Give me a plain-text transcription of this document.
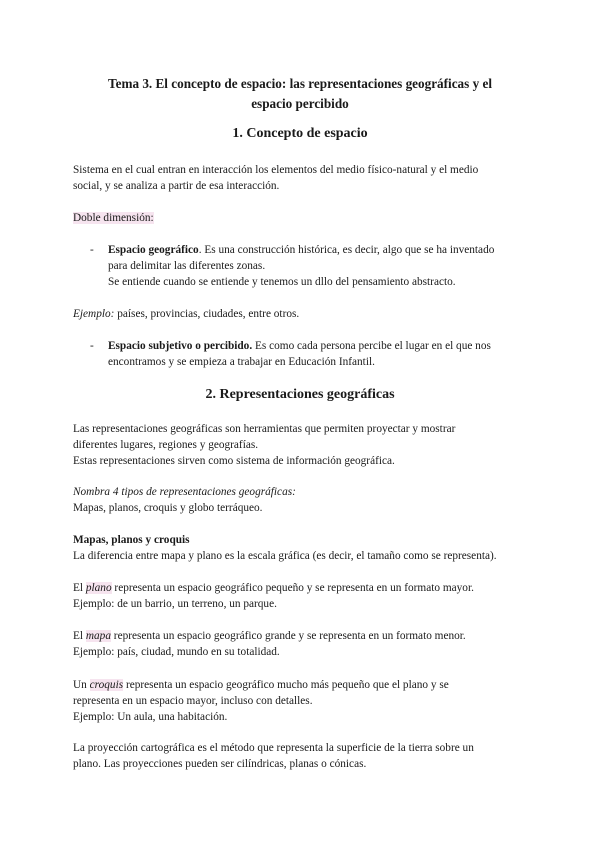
Tema 3. El concepto de espacio: las representaciones geográficas y el
espacio percibido
1. Concepto de espacio
Sistema en el cual entran en interacción los elementos del medio físico-natural y el medio
social, y se analiza a partir de esa interacción.
Doble dimensión:
- Espacio geográfico. Es una construcción histórica, es decir, algo que se ha inventado
para delimitar las diferentes zonas.
Se entiende cuando se entiende y tenemos un dllo del pensamiento abstracto.
Ejemplo: países, provincias, ciudades, entre otros.
- Espacio subjetivo o percibido. Es como cada persona percibe el lugar en el que nos
encontramos y se empieza a trabajar en Educación Infantil.
2. Representaciones geográficas
Las representaciones geográficas son herramientas que permiten proyectar y mostrar
diferentes lugares, regiones y geografías.
Estas representaciones sirven como sistema de información geográfica.
Nombra 4 tipos de representaciones geográficas:
Mapas, planos, croquis y globo terráqueo.
Mapas, planos y croquis
La diferencia entre mapa y plano es la escala gráfica (es decir, el tamaño como se representa).
El plano representa un espacio geográfico pequeño y se representa en un formato mayor.
Ejemplo: de un barrio, un terreno, un parque.
El mapa representa un espacio geográfico grande y se representa en un formato menor.
Ejemplo: país, ciudad, mundo en su totalidad.
Un croquis representa un espacio geográfico mucho más pequeño que el plano y se
representa en un espacio mayor, incluso con detalles.
Ejemplo: Un aula, una habitación.
La proyección cartográfica es el método que representa la superficie de la tierra sobre un
plano. Las proyecciones pueden ser cilíndricas, planas o cónicas.
